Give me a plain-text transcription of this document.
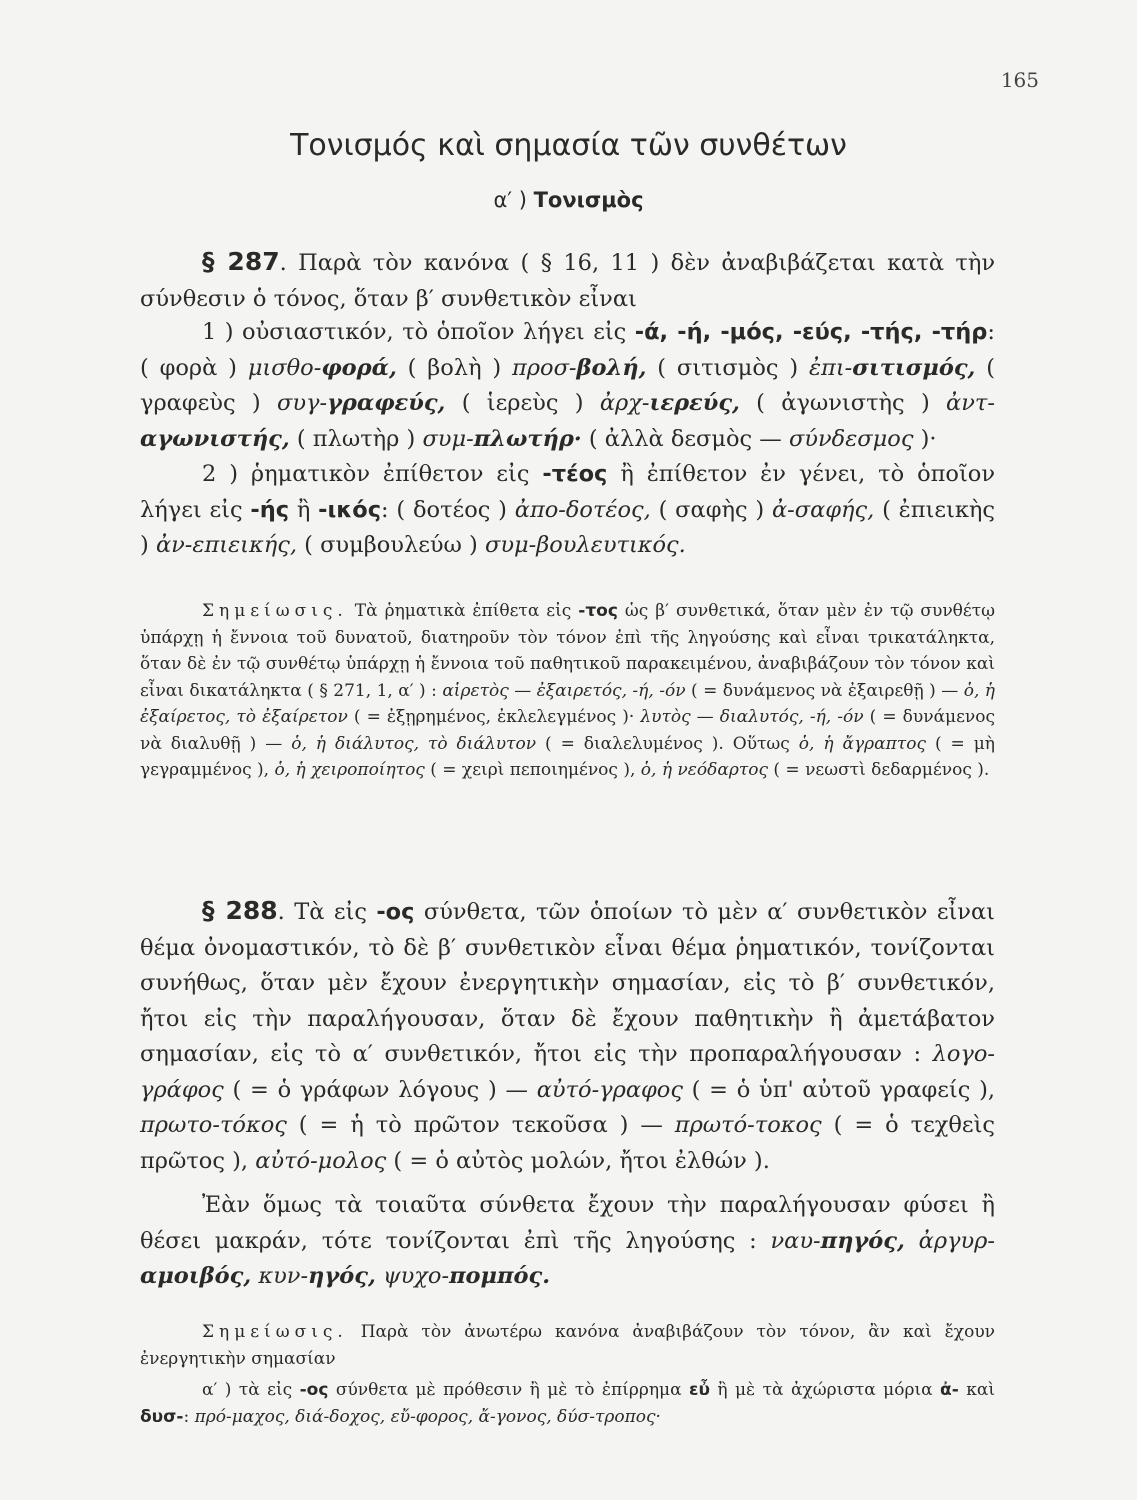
165
Τονισμός καὶ σημασία τῶν συνθέτων
α′ ) Τονισμὸς

§ 287. Παρὰ τὸν κανόνα ( § 16, 11 ) δὲν ἀναβιβάζεται κατὰ τὴν σύνθεσιν ὁ τόνος, ὅταν β′ συνθετικὸν εἶναι

1 ) οὐσιαστικόν, τὸ ὁποῖον λήγει εἰς -ά, -ή, -μός, -εύς, -τής, -τήρ: ( φορὰ ) μισθο-φορά, ( βολὴ ) προσ-βολή, ( σιτισμὸς ) ἐπι-σιτισμός, ( γραφεὺς ) συγ-γραφεύς, ( ἱερεὺς ) ἀρχ-ιερεύς, ( ἀγωνιστὴς ) ἀντ-αγωνιστής, ( πλωτὴρ ) συμ-πλωτήρ· ( ἀλλὰ δεσμὸς — σύνδεσμος )·

2 ) ῥηματικὸν ἐπίθετον εἰς -τέος ἢ ἐπίθετον ἐν γένει, τὸ ὁποῖον λήγει εἰς -ής ἢ -ικός: ( δοτέος ) ἀπο-δοτέος, ( σαφὴς ) ἀ-σαφής, ( ἐπιεικὴς ) ἀν-επιεικής, ( συμβουλεύω ) συμ-βουλευτικός.

Σημείωσις. Τὰ ῥηματικὰ ἐπίθετα εἰς -τος ὡς β′ συνθετικά, ὅταν μὲν ἐν τῷ συνθέτῳ ὑπάρχῃ ἡ ἔννοια τοῦ δυνατοῦ, διατηροῦν τὸν τόνον ἐπὶ τῆς ληγούσης καὶ εἶναι τρικατάληκτα, ὅταν δὲ ἐν τῷ συνθέτῳ ὑπάρχῃ ἡ ἔννοια τοῦ παθητικοῦ παρακειμένου, ἀναβιβάζουν τὸν τόνον καὶ εἶναι δικατάληκτα ( § 271, 1, α′ ) : αἱρετὸς — ἐξαιρετός, -ή, -όν ( = δυνάμενος νὰ ἐξαιρεθῇ ) — ὁ, ἡ ἐξαίρετος, τὸ ἐξαίρετον ( = ἐξῃρημένος, ἐκλελεγμένος )· λυτὸς — διαλυτός, -ή, -όν ( = δυνάμενος νὰ διαλυθῇ ) — ὁ, ἡ διάλυτος, τὸ διάλυτον ( = διαλελυμένος ). Οὕτως ὁ, ἡ ἄγραπτος ( = μὴ γεγραμμένος ), ὁ, ἡ χειροποίητος ( = χειρὶ πεποιημένος ), ὁ, ἡ νεόδαρτος ( = νεωστὶ δεδαρμένος ).

§ 288. Τὰ εἰς -ος σύνθετα, τῶν ὁποίων τὸ μὲν α′ συνθετικὸν εἶναι θέμα ὀνομαστικόν, τὸ δὲ β′ συνθετικὸν εἶναι θέμα ῥηματικόν, τονίζονται συνήθως, ὅταν μὲν ἔχουν ἐνεργητικὴν σημασίαν, εἰς τὸ β′ συνθετικόν, ἤτοι εἰς τὴν παραλήγουσαν, ὅταν δὲ ἔχουν παθητικὴν ἢ ἀμετάβατον σημασίαν, εἰς τὸ α′ συνθετικόν, ἤτοι εἰς τὴν προπαραλήγουσαν : λογο-γράφος ( = ὁ γράφων λόγους ) — αὐτό-γραφος ( = ὁ ὑπ' αὐτοῦ γραφείς ), πρωτο-τόκος ( = ἡ τὸ πρῶτον τεκοῦσα ) — πρωτό-τοκος ( = ὁ τεχθεὶς πρῶτος ), αὐτό-μολος ( = ὁ αὐτὸς μολών, ἤτοι ἐλθών ).

Ἐὰν ὅμως τὰ τοιαῦτα σύνθετα ἔχουν τὴν παραλήγουσαν φύσει ἢ θέσει μακράν, τότε τονίζονται ἐπὶ τῆς ληγούσης : ναυ-πηγός, ἀργυρ-αμοιβός, κυν-ηγός, ψυχο-πομπός.

Σημείωσις. Παρὰ τὸν ἀνωτέρω κανόνα ἀναβιβάζουν τὸν τόνον, ἂν καὶ ἔχουν ἐνεργητικὴν σημασίαν

α′ ) τὰ εἰς -ος σύνθετα μὲ πρόθεσιν ἢ μὲ τὸ ἐπίρρημα εὖ ἢ μὲ τὰ ἀχώριστα μόρια ἀ- καὶ δυσ-: πρό-μαχος, διά-δοχος, εὔ-φορος, ἄ-γονος, δύσ-τροπος·
